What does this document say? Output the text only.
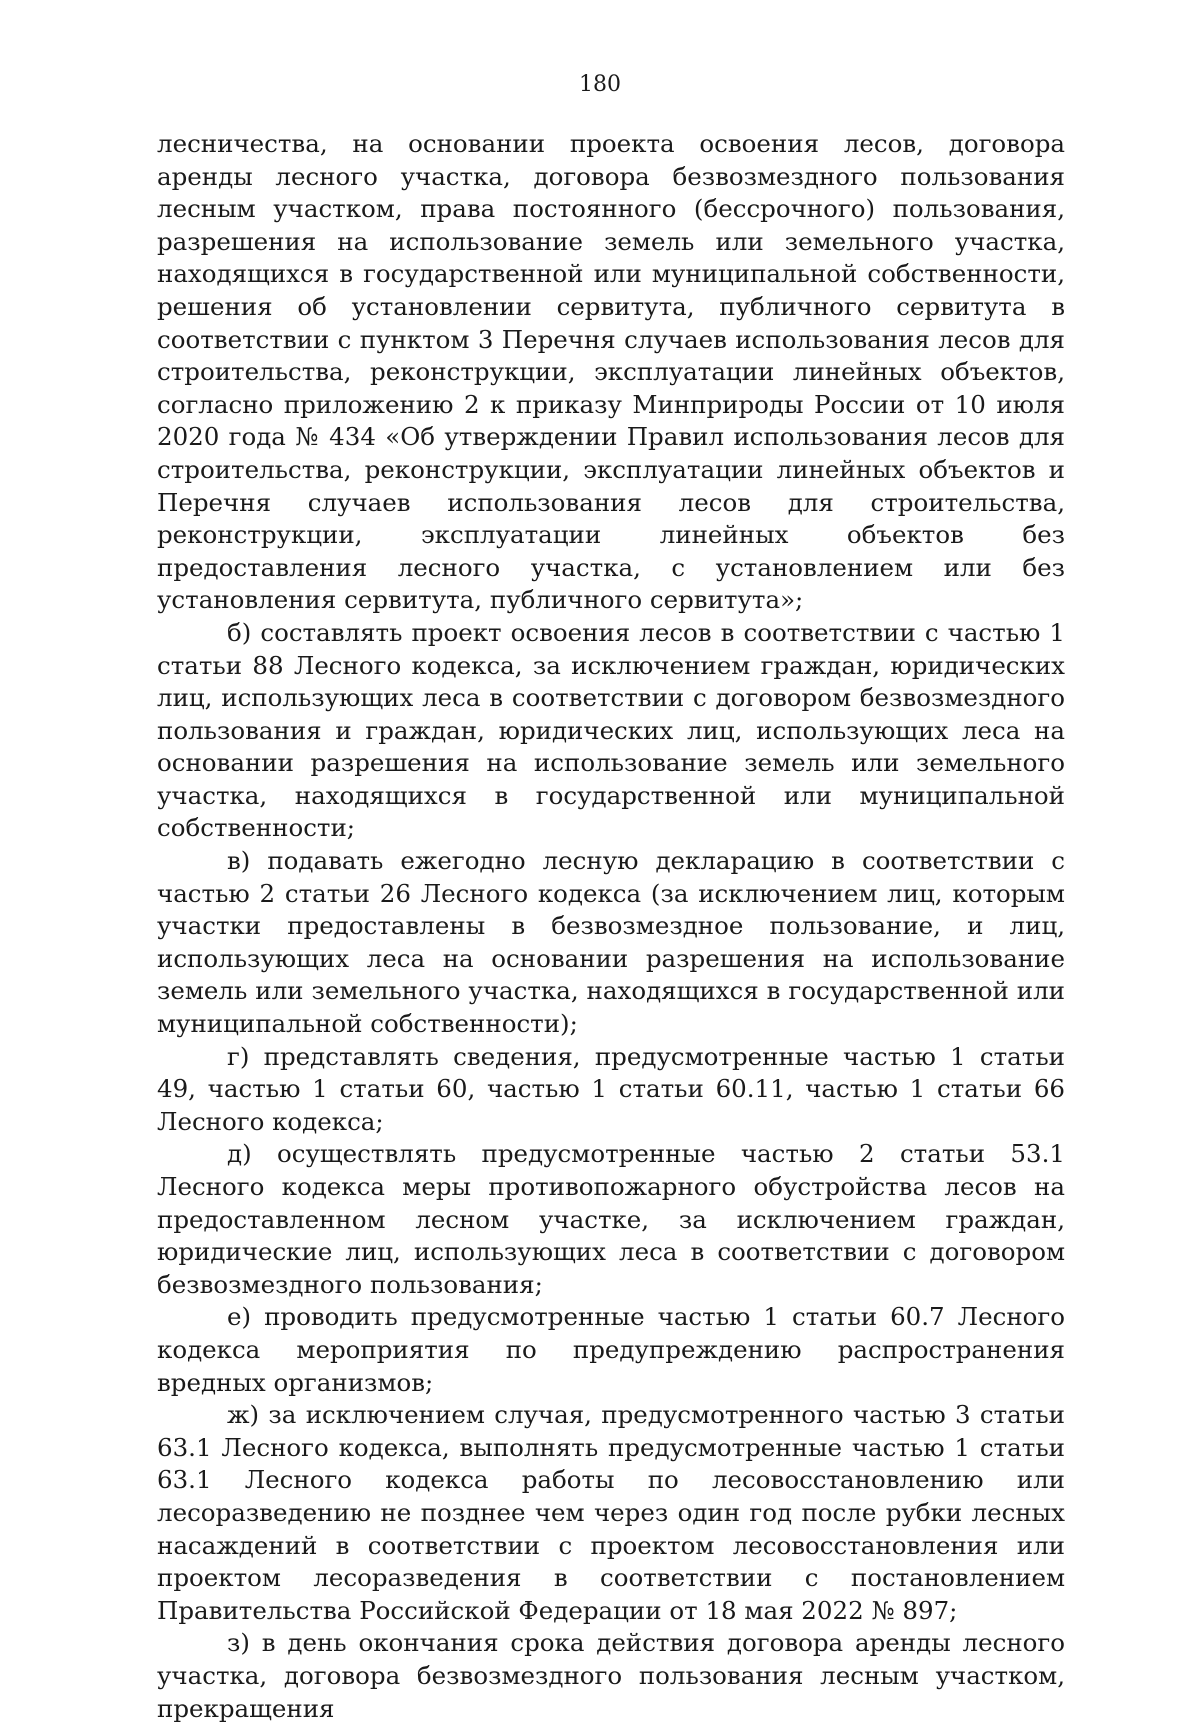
180

лесничества, на основании проекта освоения лесов, договора аренды лесного участка, договора безвозмездного пользования лесным участком, права постоянного (бессрочного) пользования, разрешения на использование земель или земельного участка, находящихся в государственной или муниципальной собственности, решения об установлении сервитута, публичного сервитута в соответствии с пунктом 3 Перечня случаев использования лесов для строительства, реконструкции, эксплуатации линейных объектов, согласно приложению 2 к приказу Минприроды России от 10 июля 2020 года № 434 «Об утверждении Правил использования лесов для строительства, реконструкции, эксплуатации линейных объектов и Перечня случаев использования лесов для строительства, реконструкции, эксплуатации линейных объектов без предоставления лесного участка, с установлением или без установления сервитута, публичного сервитута»;

б) составлять проект освоения лесов в соответствии с частью 1 статьи 88 Лесного кодекса, за исключением граждан, юридических лиц, использующих леса в соответствии с договором безвозмездного пользования и граждан, юридических лиц, использующих леса на основании разрешения на использование земель или земельного участка, находящихся в государственной или муниципальной собственности;

в) подавать ежегодно лесную декларацию в соответствии с частью 2 статьи 26 Лесного кодекса (за исключением лиц, которым участки предоставлены в безвозмездное пользование, и лиц, использующих леса на основании разрешения на использование земель или земельного участка, находящихся в государственной или муниципальной собственности);

г) представлять сведения, предусмотренные частью 1 статьи 49, частью 1 статьи 60, частью 1 статьи 60.11, частью 1 статьи 66 Лесного кодекса;

д) осуществлять предусмотренные частью 2 статьи 53.1 Лесного кодекса меры противопожарного обустройства лесов на предоставленном лесном участке, за исключением граждан, юридические лиц, использующих леса в соответствии с договором безвозмездного пользования;

е) проводить предусмотренные частью 1 статьи 60.7 Лесного кодекса мероприятия по предупреждению распространения вредных организмов;

ж) за исключением случая, предусмотренного частью 3 статьи 63.1 Лесного кодекса, выполнять предусмотренные частью 1 статьи 63.1 Лесного кодекса работы по лесовосстановлению или лесоразведению не позднее чем через один год после рубки лесных насаждений в соответствии с проектом лесовосстановления или проектом лесоразведения в соответствии с постановлением Правительства Российской Федерации от 18 мая 2022 № 897;

з) в день окончания срока действия договора аренды лесного участка, договора безвозмездного пользования лесным участком, прекращения
